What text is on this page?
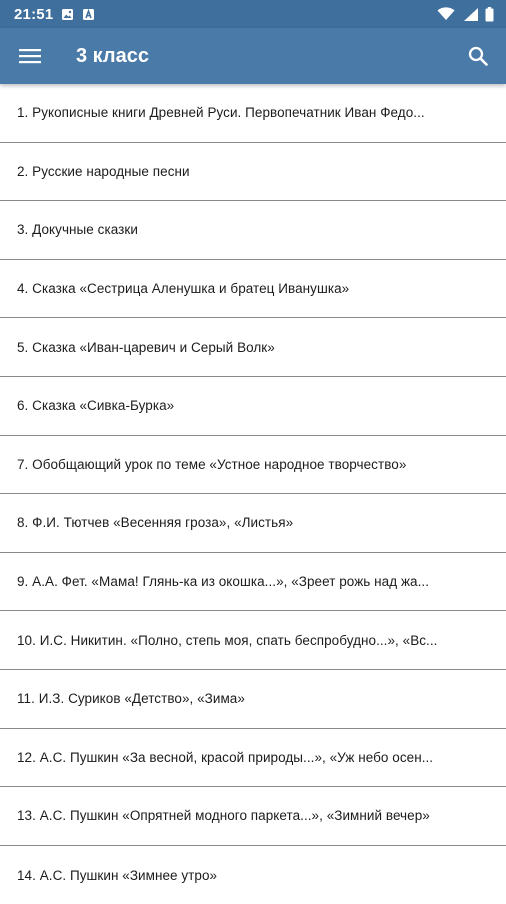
21:51
3 класс
1. Рукописные книги Древней Руси. Первопечатник Иван Федо...
2. Русские народные песни
3. Докучные сказки
4. Сказка «Сестрица Аленушка и братец Иванушка»
5. Сказка «Иван-царевич и Серый Волк»
6. Сказка «Сивка-Бурка»
7. Обобщающий урок по теме «Устное народное творчество»
8. Ф.И. Тютчев «Весенняя гроза», «Листья»
9. А.А. Фет. «Мама! Глянь-ка из окошка...», «Зреет рожь над жа...
10. И.С. Никитин. «Полно, степь моя, спать беспробудно...», «Вс...
11. И.З. Суриков «Детство», «Зима»
12. А.С. Пушкин «За весной, красой природы...», «Уж небо осен...
13. А.С. Пушкин «Опрятней модного паркета...», «Зимний вечер»
14. А.С. Пушкин «Зимнее утро»
